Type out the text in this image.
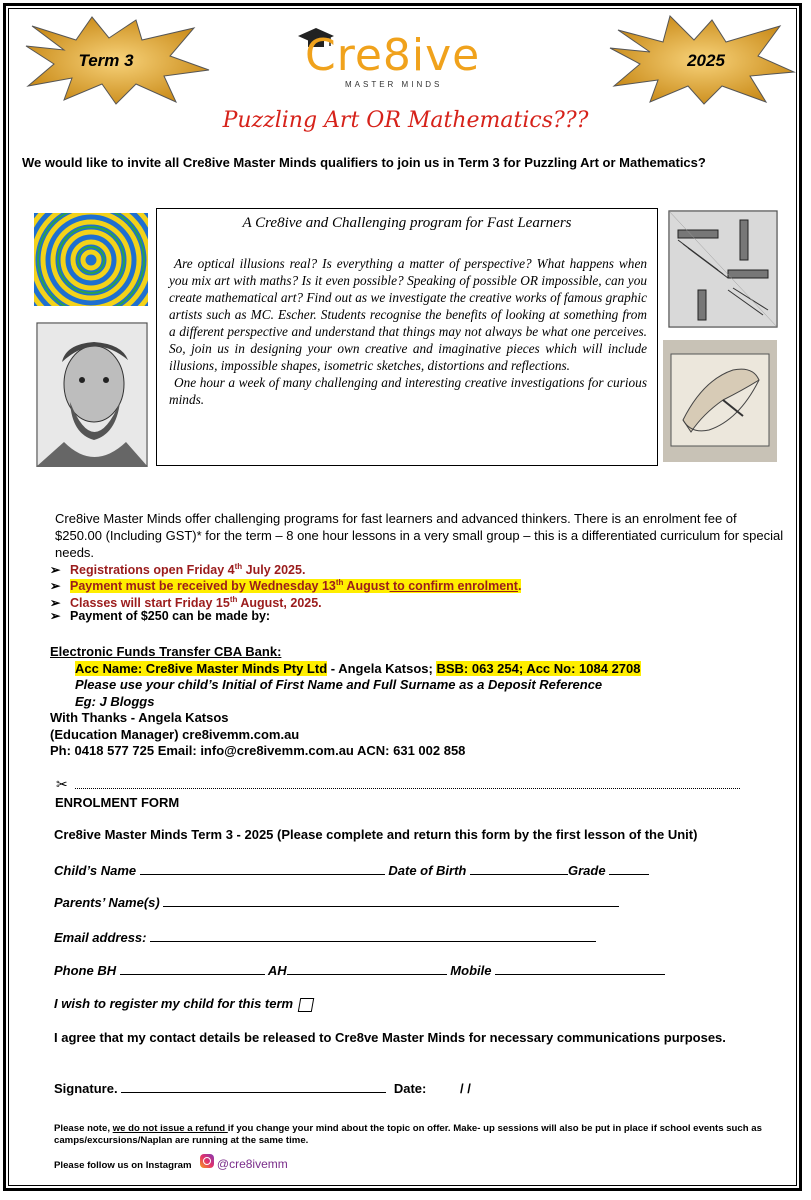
Term 3	2025
Cre8ive
MASTER MINDS
Puzzling Art OR Mathematics???
We would like to invite all Cre8ive Master Minds qualifiers to join us in Term 3 for Puzzling Art or Mathematics?
A Cre8ive and Challenging program for Fast Learners

Are optical illusions real? Is everything a matter of perspective? What happens when you mix art with maths? Is it even possible? Speaking of possible OR impossible, can you create mathematical art? Find out as we investigate the creative works of famous graphic artists such as MC. Escher. Students recognise the benefits of looking at something from a different perspective and understand that things may not always be what one perceives. So, join us in designing your own creative and imaginative pieces which will include illusions, impossible shapes, isometric sketches, distortions and reflections.

One hour a week of many challenging and interesting creative investigations for curious minds.

Cre8ive Master Minds offer challenging programs for fast learners and advanced thinkers. There is an enrolment fee of $250.00 (Including GST)* for the term – 8 one hour lessons in a very small group – this is a differentiated curriculum for special needs.
➢ Registrations open Friday 4th July 2025.
➢ Payment must be received by Wednesday 13th August to confirm enrolment.
➢ Classes will start Friday 15th August, 2025.
➢ Payment of $250 can be made by:
Electronic Funds Transfer CBA Bank:
Acc Name: Cre8ive Master Minds Pty Ltd - Angela Katsos; BSB: 063 254; Acc No: 1084 2708
Please use your child’s Initial of First Name and Full Surname as a Deposit Reference
Eg: J Bloggs
With Thanks - Angela Katsos
(Education Manager) cre8ivemm.com.au
Ph: 0418 577 725 Email: info@cre8ivemm.com.au ACN: 631 002 858
✂
ENROLMENT FORM
Cre8ive Master Minds Term 3 - 2025 (Please complete and return this form by the first lesson of the Unit)
Child’s Name	Date of Birth	Grade
Parents’ Name(s)
Email address:
Phone BH	AH	Mobile
I wish to register my child for this term
I agree that my contact details be released to Cre8ve Master Minds for necessary communications purposes.
Signature.	Date:	/ /
Please note, we do not issue a refund if you change your mind about the topic on offer. Make- up sessions will also be put in place if school events such as camps/excursions/Naplan are running at the same time.
Please follow us on Instagram @cre8ivemm
